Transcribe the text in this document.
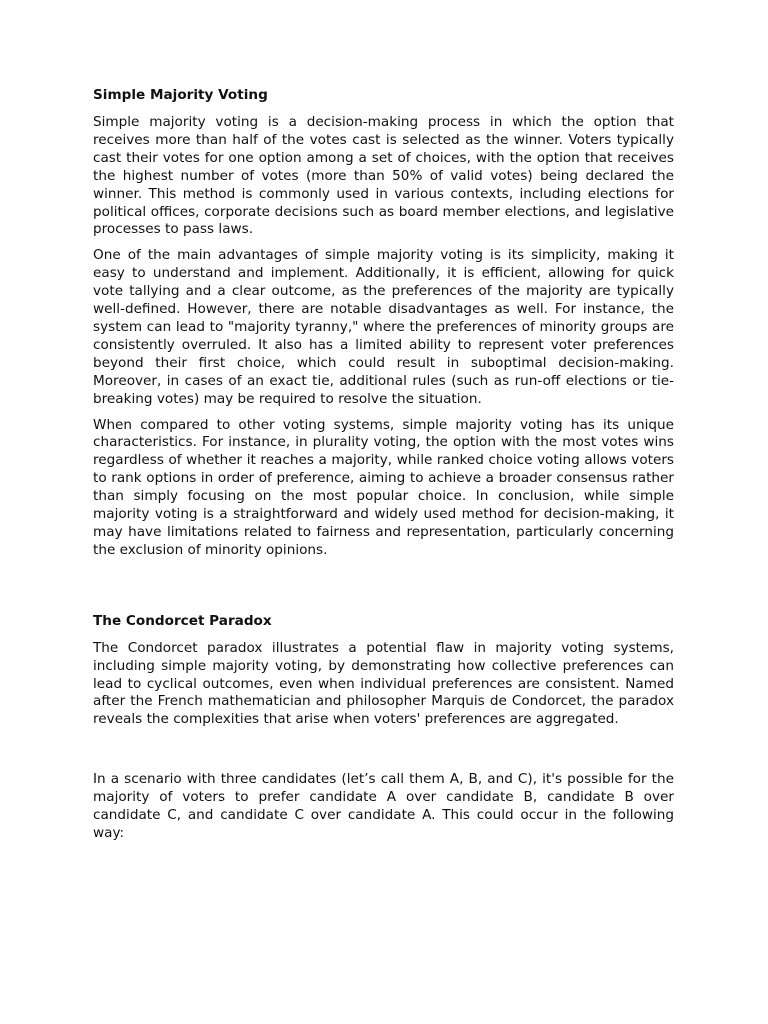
Simple Majority Voting

Simple majority voting is a decision-making process in which the option that receives more than half of the votes cast is selected as the winner. Voters typically cast their votes for one option among a set of choices, with the option that receives the highest number of votes (more than 50% of valid votes) being declared the winner. This method is commonly used in various contexts, including elections for political offices, corporate decisions such as board member elections, and legislative processes to pass laws.

One of the main advantages of simple majority voting is its simplicity, making it easy to understand and implement. Additionally, it is efficient, allowing for quick vote tallying and a clear outcome, as the preferences of the majority are typically well-defined. However, there are notable disadvantages as well. For instance, the system can lead to "majority tyranny," where the preferences of minority groups are consistently overruled. It also has a limited ability to represent voter preferences beyond their first choice, which could result in suboptimal decision-making. Moreover, in cases of an exact tie, additional rules (such as run-off elections or tie-breaking votes) may be required to resolve the situation.

When compared to other voting systems, simple majority voting has its unique characteristics. For instance, in plurality voting, the option with the most votes wins regardless of whether it reaches a majority, while ranked choice voting allows voters to rank options in order of preference, aiming to achieve a broader consensus rather than simply focusing on the most popular choice. In conclusion, while simple majority voting is a straightforward and widely used method for decision-making, it may have limitations related to fairness and representation, particularly concerning the exclusion of minority opinions.

The Condorcet Paradox

The Condorcet paradox illustrates a potential flaw in majority voting systems, including simple majority voting, by demonstrating how collective preferences can lead to cyclical outcomes, even when individual preferences are consistent. Named after the French mathematician and philosopher Marquis de Condorcet, the paradox reveals the complexities that arise when voters' preferences are aggregated.

In a scenario with three candidates (let’s call them A, B, and C), it's possible for the majority of voters to prefer candidate A over candidate B, candidate B over candidate C, and candidate C over candidate A. This could occur in the following way:
